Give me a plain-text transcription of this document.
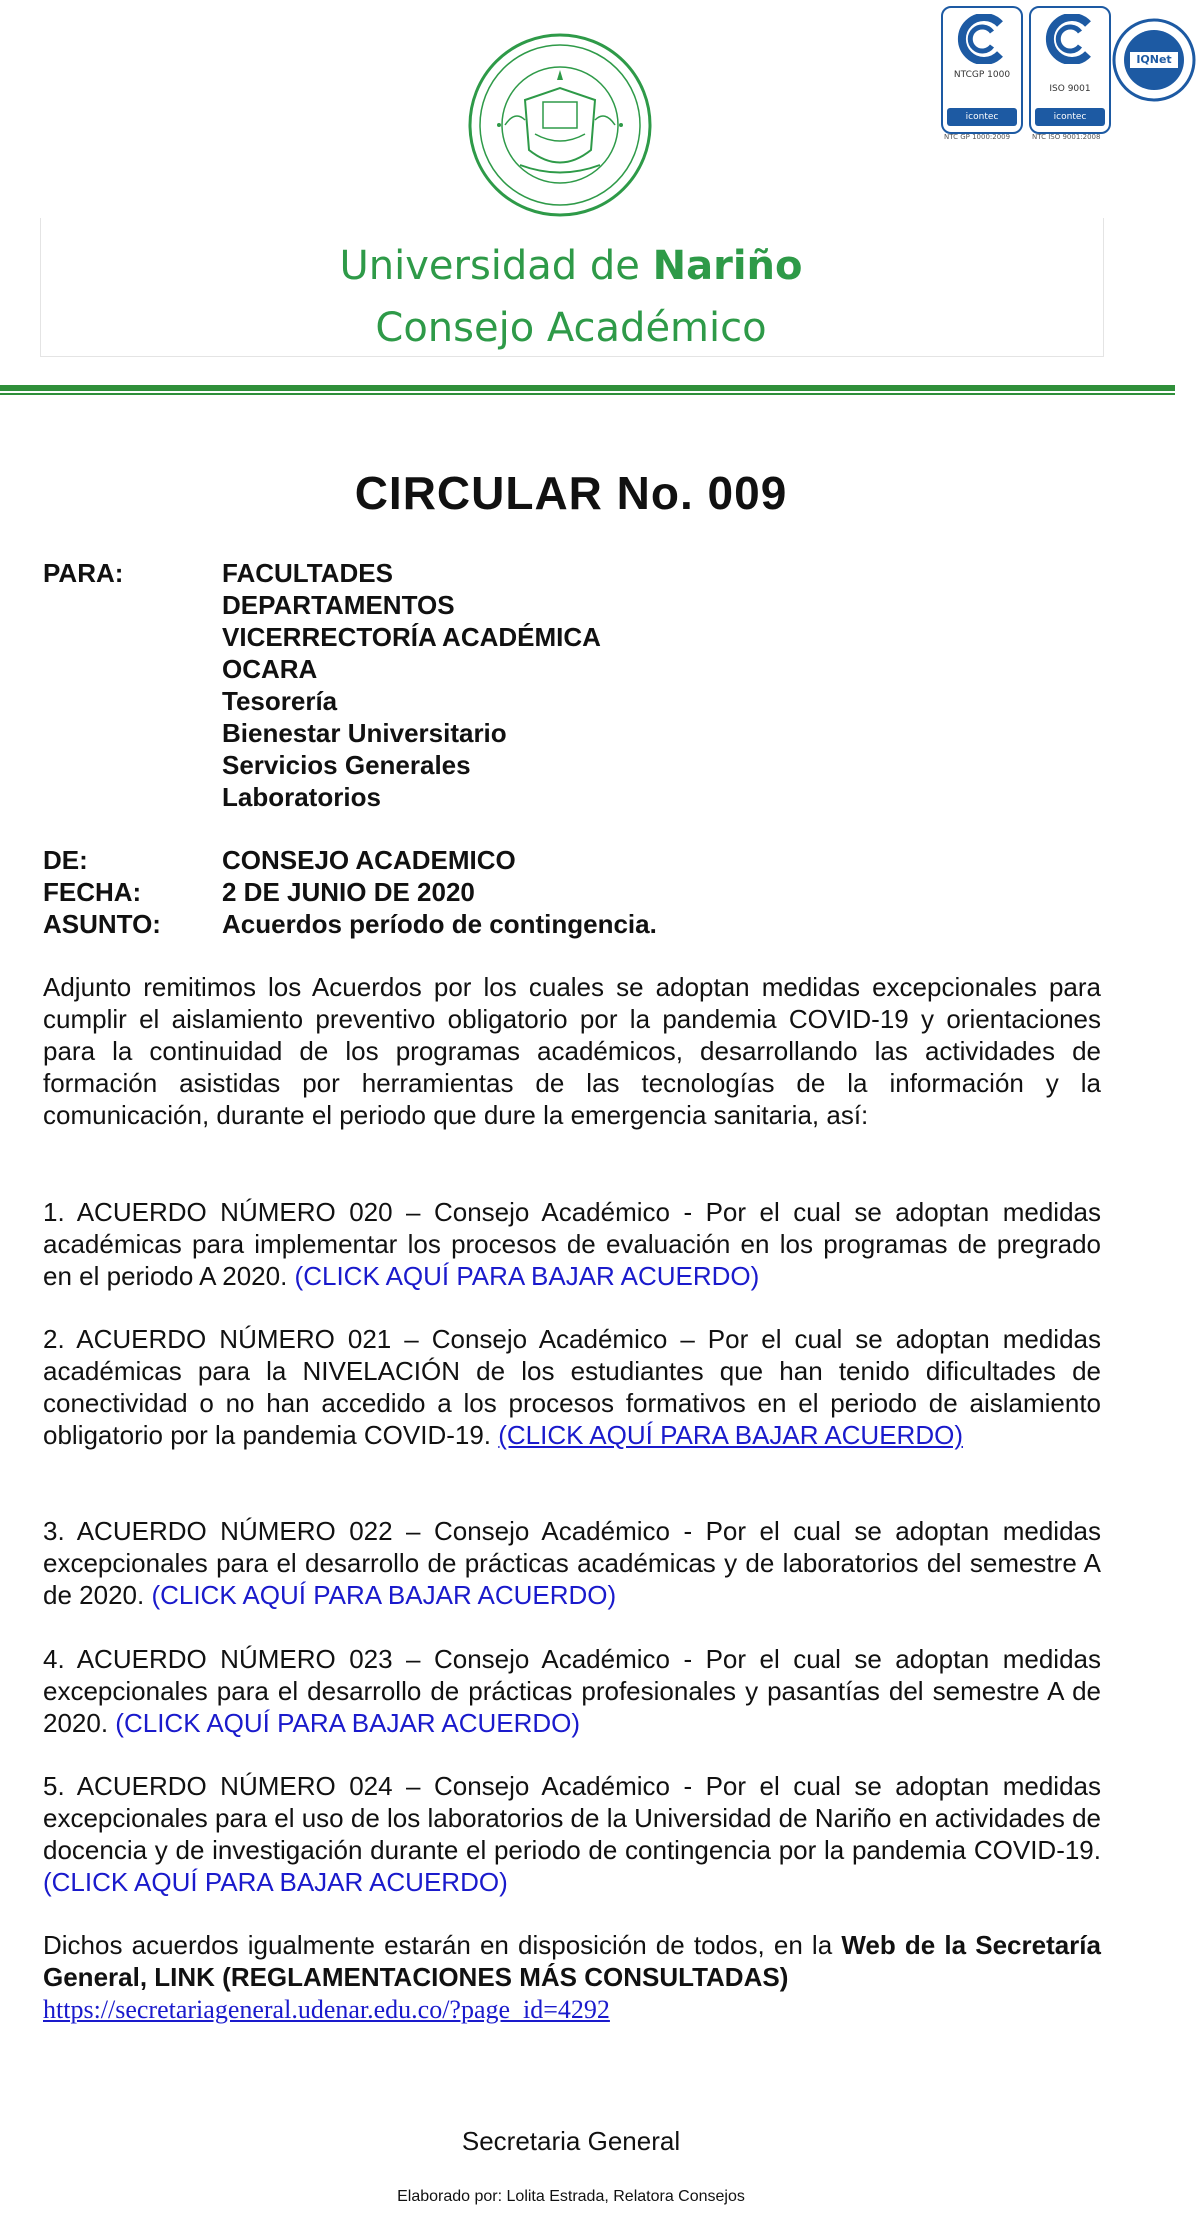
NTCGP 1000
icontec
NTC GP 1000:2009
ISO 9001
icontec
NTC ISO 9001:2008
IQNet
Universidad de Nariño
Consejo Académico
CIRCULAR No. 009
PARA:	FACULTADES
DEPARTAMENTOS
VICERRECTORÍA ACADÉMICA
OCARA
Tesorería
Bienestar Universitario
Servicios Generales
Laboratorios
DE:	CONSEJO ACADEMICO
FECHA:	2 DE JUNIO DE 2020
ASUNTO: Acuerdos período de contingencia.
Adjunto remitimos los Acuerdos por los cuales se adoptan medidas excepcionales para cumplir el aislamiento preventivo obligatorio por la pandemia COVID-19 y orientaciones para la continuidad de los programas académicos, desarrollando las actividades de formación asistidas por herramientas de las tecnologías de la información y la comunicación, durante el periodo que dure la emergencia sanitaria, así:
1. ACUERDO NÚMERO 020 – Consejo Académico - Por el cual se adoptan medidas académicas para implementar los procesos de evaluación en los programas de pregrado en el periodo A 2020. (CLICK AQUÍ PARA BAJAR ACUERDO)
2. ACUERDO NÚMERO 021 – Consejo Académico – Por el cual se adoptan medidas académicas para la NIVELACIÓN de los estudiantes que han tenido dificultades de conectividad o no han accedido a los procesos formativos en el periodo de aislamiento obligatorio por la pandemia COVID-19. (CLICK AQUÍ PARA BAJAR ACUERDO)
3. ACUERDO NÚMERO 022 – Consejo Académico - Por el cual se adoptan medidas excepcionales para el desarrollo de prácticas académicas y de laboratorios del semestre A de 2020. (CLICK AQUÍ PARA BAJAR ACUERDO)
4. ACUERDO NÚMERO 023 – Consejo Académico - Por el cual se adoptan medidas excepcionales para el desarrollo de prácticas profesionales y pasantías del semestre A de 2020. (CLICK AQUÍ PARA BAJAR ACUERDO)
5. ACUERDO NÚMERO 024 – Consejo Académico - Por el cual se adoptan medidas excepcionales para el uso de los laboratorios de la Universidad de Nariño en actividades de docencia y de investigación durante el periodo de contingencia por la pandemia COVID-19. (CLICK AQUÍ PARA BAJAR ACUERDO)
Dichos acuerdos igualmente estarán en disposición de todos, en la Web de la Secretaría General, LINK (REGLAMENTACIONES MÁS CONSULTADAS)
https://secretariageneral.udenar.edu.co/?page_id=4292
Secretaria General
Elaborado por: Lolita Estrada, Relatora Consejos
